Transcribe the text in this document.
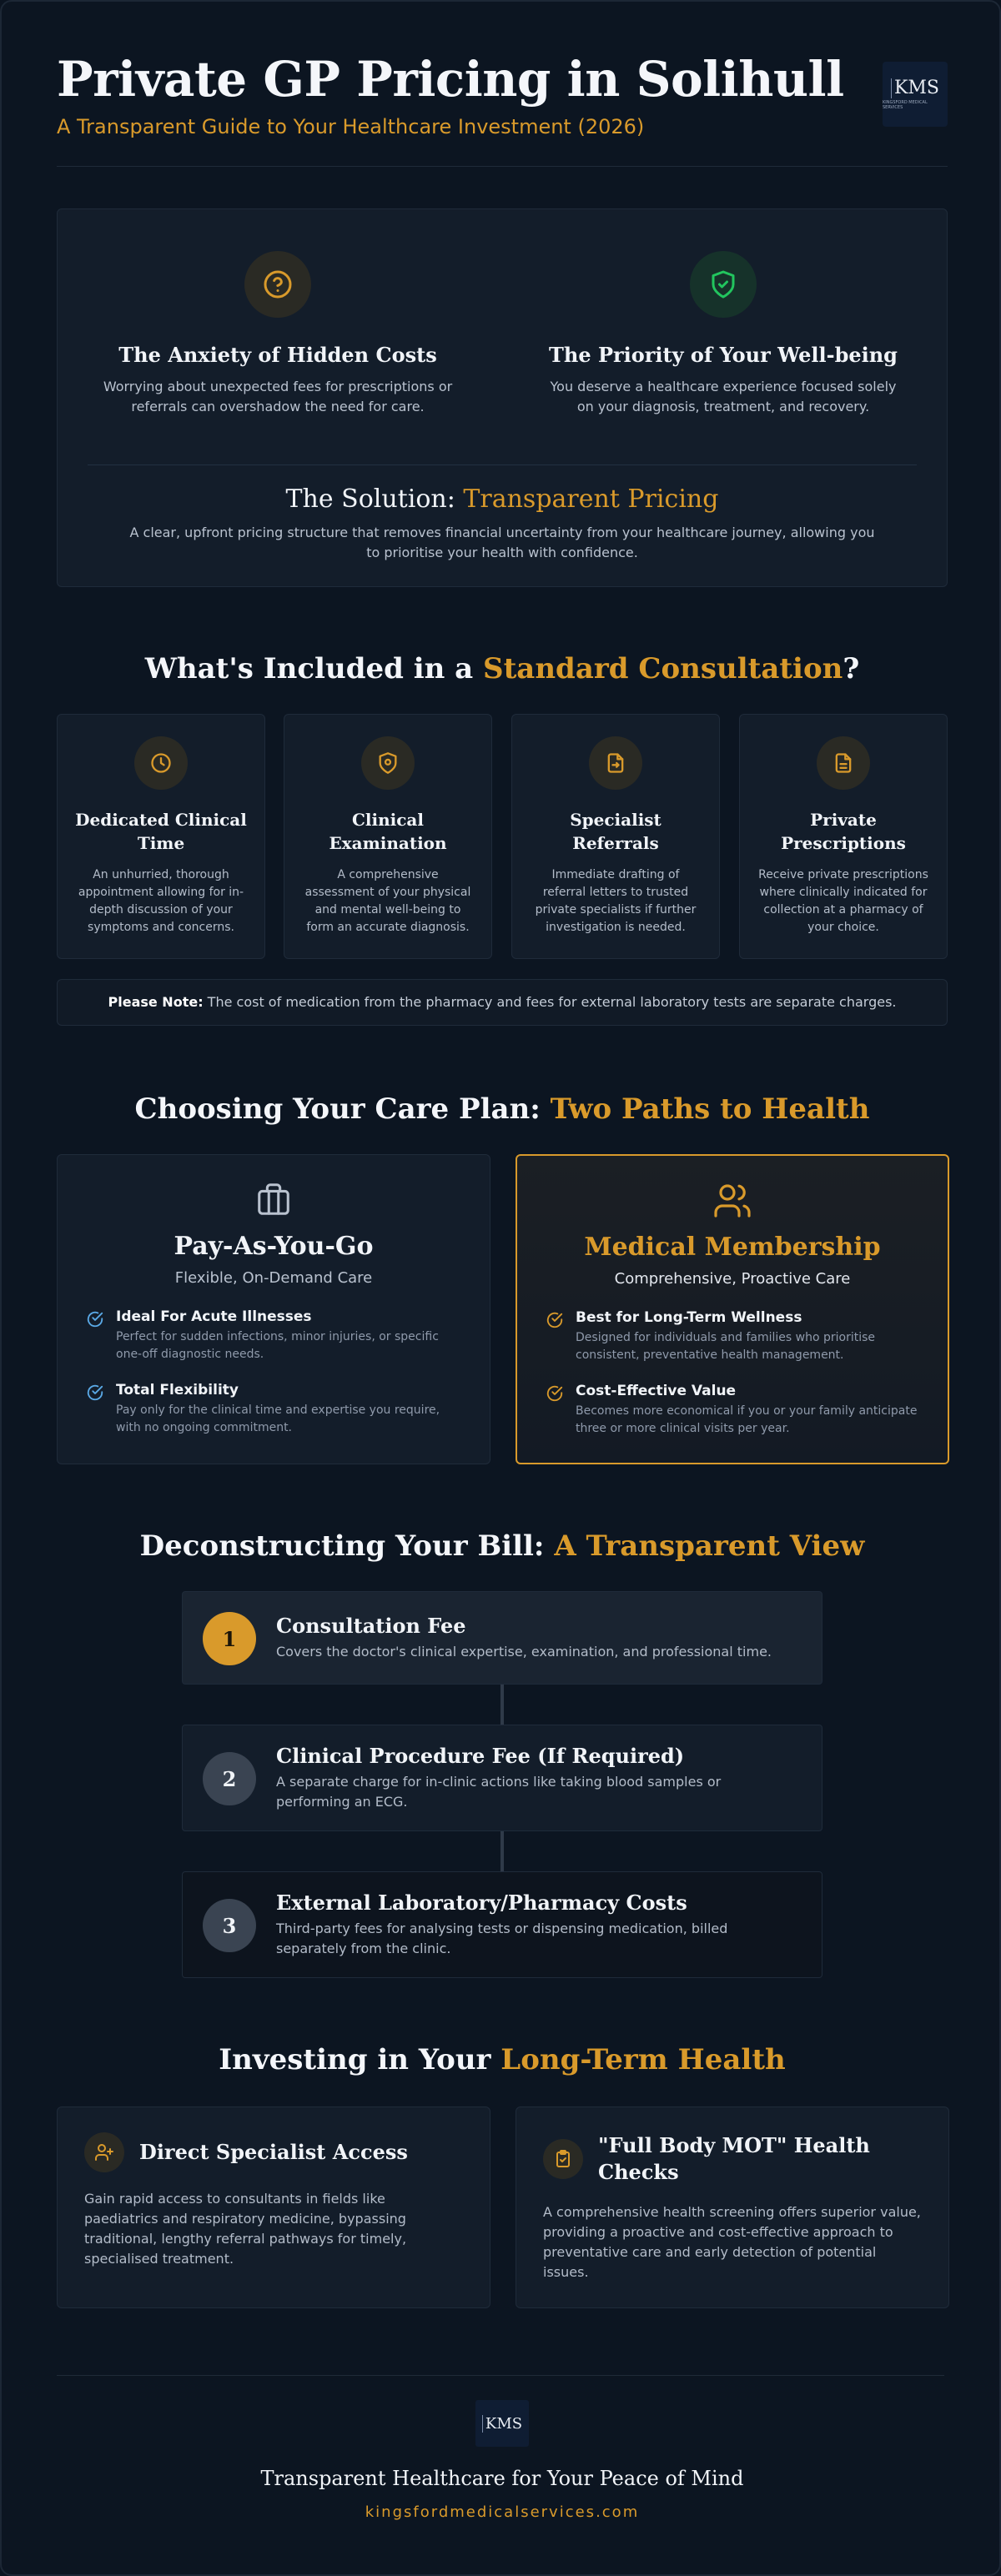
Private GP Pricing in Solihull
A Transparent Guide to Your Healthcare Investment (2026)
KMS
KINGSFORD MEDICAL SERVICES
The Anxiety of Hidden Costs
Worrying about unexpected fees for prescriptions or referrals can overshadow the need for care.
The Priority of Your Well-being
You deserve a healthcare experience focused solely on your diagnosis, treatment, and recovery.
The Solution: Transparent Pricing
A clear, upfront pricing structure that removes financial uncertainty from your healthcare journey, allowing you to prioritise your health with confidence.
What's Included in a Standard Consultation?
Dedicated Clinical Time
An unhurried, thorough appointment allowing for in-depth discussion of your symptoms and concerns.
Clinical Examination
A comprehensive assessment of your physical and mental well-being to form an accurate diagnosis.
Specialist Referrals
Immediate drafting of referral letters to trusted private specialists if further investigation is needed.
Private Prescriptions
Receive private prescriptions where clinically indicated for collection at a pharmacy of your choice.
Please Note: The cost of medication from the pharmacy and fees for external laboratory tests are separate charges.
Choosing Your Care Plan: Two Paths to Health
Pay-As-You-Go
Flexible, On-Demand Care
Ideal For Acute Illnesses
Perfect for sudden infections, minor injuries, or specific one-off diagnostic needs.
Total Flexibility
Pay only for the clinical time and expertise you require, with no ongoing commitment.
Medical Membership
Comprehensive, Proactive Care
Best for Long-Term Wellness
Designed for individuals and families who prioritise consistent, preventative health management.
Cost-Effective Value
Becomes more economical if you or your family anticipate three or more clinical visits per year.
Deconstructing Your Bill: A Transparent View
1
Consultation Fee
Covers the doctor's clinical expertise, examination, and professional time.
2
Clinical Procedure Fee (If Required)
A separate charge for in-clinic actions like taking blood samples or performing an ECG.
3
External Laboratory/Pharmacy Costs
Third-party fees for analysing tests or dispensing medication, billed separately from the clinic.
Investing in Your Long-Term Health
Direct Specialist Access
Gain rapid access to consultants in fields like paediatrics and respiratory medicine, bypassing traditional, lengthy referral pathways for timely, specialised treatment.
"Full Body MOT" Health Checks
A comprehensive health screening offers superior value, providing a proactive and cost-effective approach to preventative care and early detection of potential issues.
KMS
Transparent Healthcare for Your Peace of Mind
kingsfordmedicalservices.com
